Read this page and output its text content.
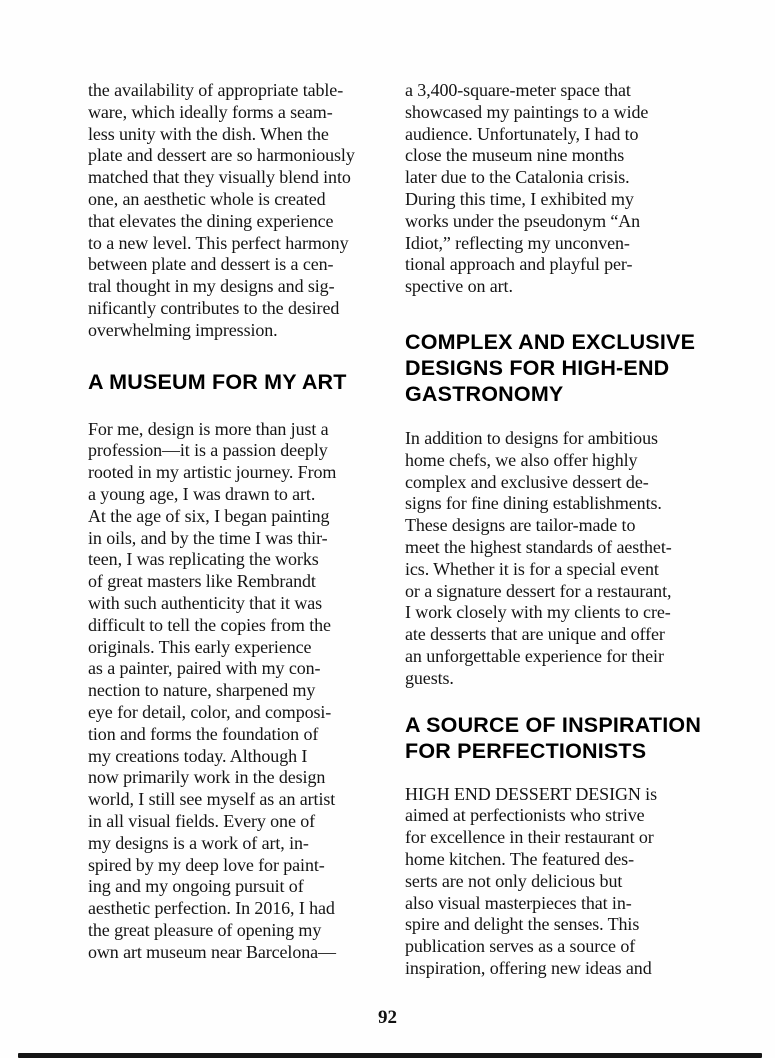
the availability of appropriate table-
ware, which ideally forms a seam-
less unity with the dish. When the
plate and dessert are so harmoniously
matched that they visually blend into
one, an aesthetic whole is created
that elevates the dining experience
to a new level. This perfect harmony
between plate and dessert is a cen-
tral thought in my designs and sig-
nificantly contributes to the desired
overwhelming impression.
A MUSEUM FOR MY ART
For me, design is more than just a
profession—it is a passion deeply
rooted in my artistic journey. From
a young age, I was drawn to art.
At the age of six, I began painting
in oils, and by the time I was thir-
teen, I was replicating the works
of great masters like Rembrandt
with such authenticity that it was
difficult to tell the copies from the
originals. This early experience
as a painter, paired with my con-
nection to nature, sharpened my
eye for detail, color, and composi-
tion and forms the foundation of
my creations today. Although I
now primarily work in the design
world, I still see myself as an artist
in all visual fields. Every one of
my designs is a work of art, in-
spired by my deep love for paint-
ing and my ongoing pursuit of
aesthetic perfection. In 2016, I had
the great pleasure of opening my
own art museum near Barcelona—
a 3,400-square-meter space that
showcased my paintings to a wide
audience. Unfortunately, I had to
close the museum nine months
later due to the Catalonia crisis.
During this time, I exhibited my
works under the pseudonym “An
Idiot,” reflecting my unconven-
tional approach and playful per-
spective on art.
COMPLEX AND EXCLUSIVE
DESIGNS FOR HIGH-END
GASTRONOMY
In addition to designs for ambitious
home chefs, we also offer highly
complex and exclusive dessert de-
signs for fine dining establishments.
These designs are tailor-made to
meet the highest standards of aesthet-
ics. Whether it is for a special event
or a signature dessert for a restaurant,
I work closely with my clients to cre-
ate desserts that are unique and offer
an unforgettable experience for their
guests.
A SOURCE OF INSPIRATION
FOR PERFECTIONISTS
HIGH END DESSERT DESIGN is
aimed at perfectionists who strive
for excellence in their restaurant or
home kitchen. The featured des-
serts are not only delicious but
also visual masterpieces that in-
spire and delight the senses. This
publication serves as a source of
inspiration, offering new ideas and
92
